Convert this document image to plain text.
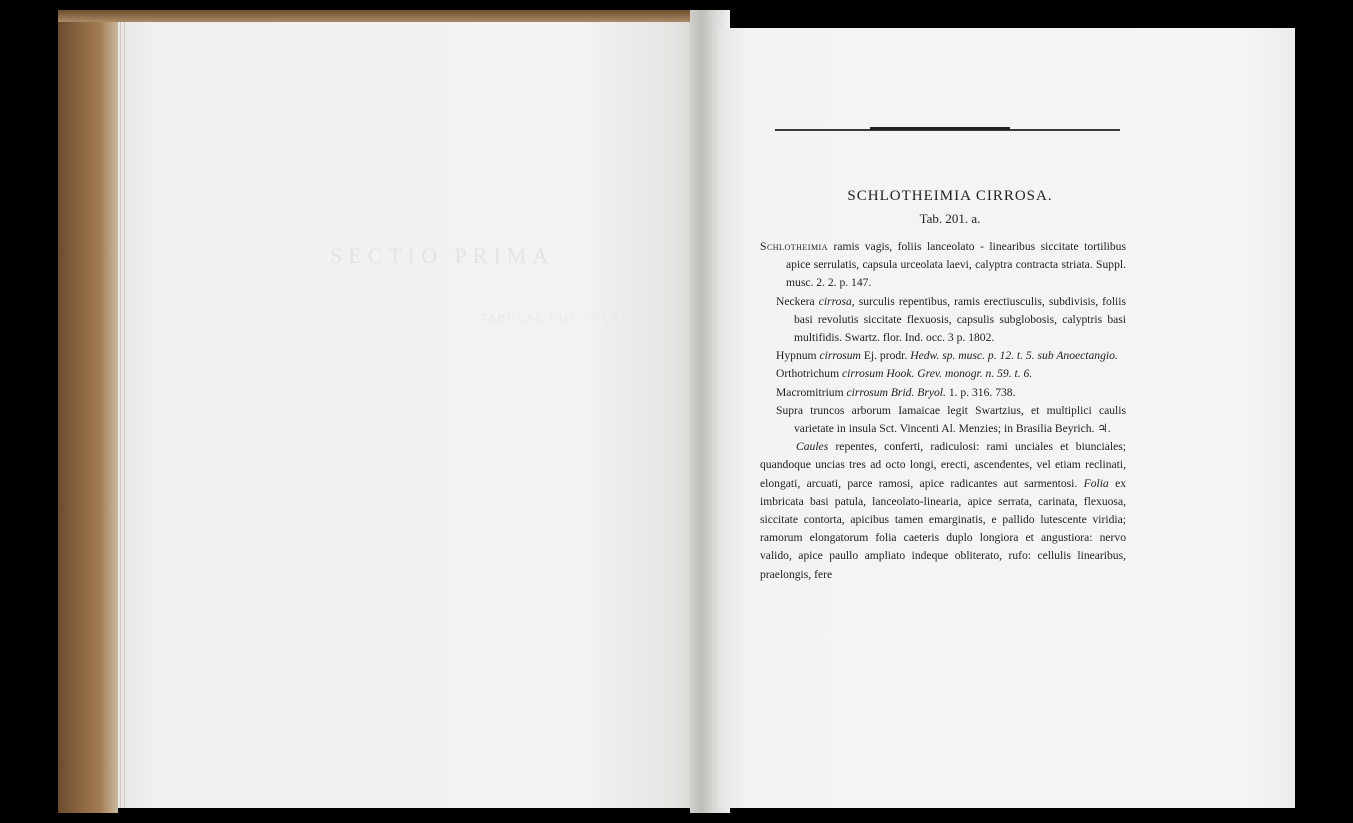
SECTIO PRIMA
TABULAE CIII – CCXV
SCHLOTHEIMIA CIRROSA.
Tab. 201. a.
Schlotheimia ramis vagis, foliis lanceolato - linearibus siccitate tortilibus apice serrulatis, capsula urceolata laevi, calyptra contracta striata. Suppl. musc. 2. 2. p. 147.
Neckera cirrosa, surculis repentibus, ramis erectiusculis, subdivisis, foliis basi revolutis siccitate flexuosis, capsulis subglobosis, calyptris basi multifidis. Swartz. flor. Ind. occ. 3 p. 1802.
Hypnum cirrosum Ej. prodr. Hedw. sp. musc. p. 12. t. 5. sub Anoectangio.
Orthotrichum cirrosum Hook. Grev. monogr. n. 59. t. 6.
Macromitrium cirrosum Brid. Bryol. 1. p. 316. 738.
Supra truncos arborum Iamaicae legit Swartzius, et multiplici caulis varietate in insula Sct. Vincenti Al. Menzies; in Brasilia Beyrich. ♃.
Caules repentes, conferti, radiculosi: rami unciales et biunciales; quandoque uncias tres ad octo longi, erecti, ascendentes, vel etiam reclinati, elongati, arcuati, parce ramosi, apice radicantes aut sarmentosi. Folia ex imbricata basi patula, lanceolato-linearia, apice serrata, carinata, flexuosa, siccitate contorta, apicibus tamen emarginatis, e pallido lutescente viridia; ramorum elongatorum folia caeteris duplo longiora et angustiora: nervo valido, apice paullo ampliato indeque obliterato, rufo: cellulis linearibus, praelongis, fere
